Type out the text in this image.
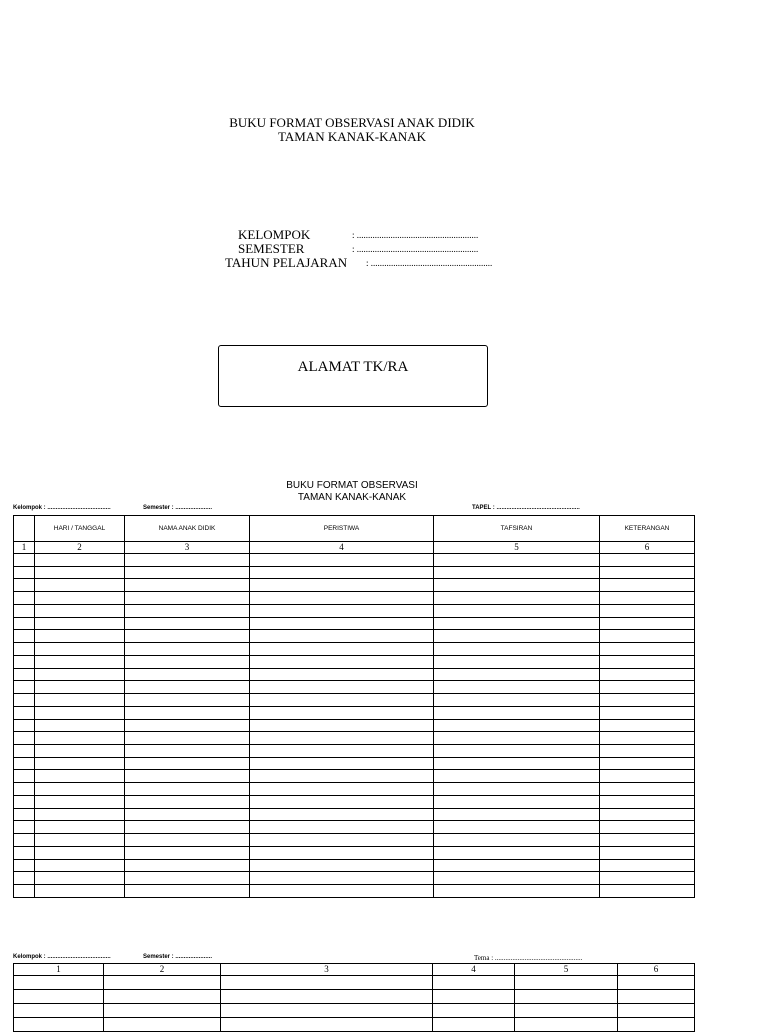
BUKU FORMAT OBSERVASI ANAK DIDIK
TAMAN KANAK-KANAK
KELOMPOK	: ......................................................
SEMESTER	: ......................................................
TAHUN PELAJARAN : ......................................................
ALAMAT TK/RA
BUKU FORMAT OBSERVASI
TAMAN KANAK-KANAK
Kelompok : ......................................	Semester : ......................	TAPEL : ..................................................
	HARI / TANGGAL	NAMA ANAK DIDIK	PERISTIWA	TAFSIRAN	KETERANGAN
1	2	3	4	5	6

Kelompok : ......................................	Semester : ......................	Tema : ..................................................
1	2	3	4	5	6
